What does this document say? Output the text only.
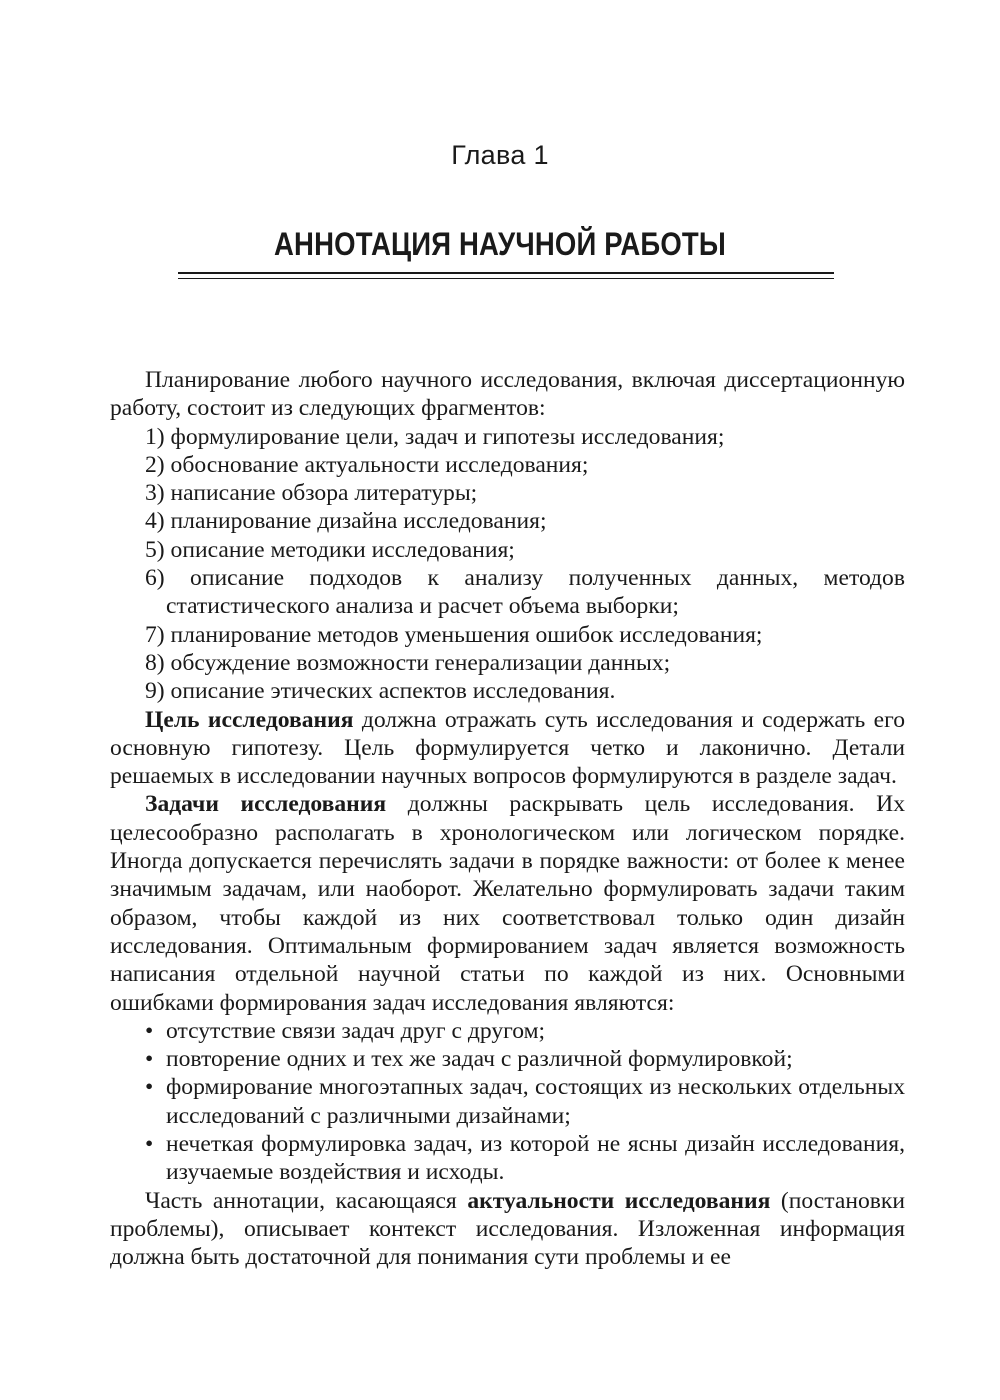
Глава 1
АННОТАЦИЯ НАУЧНОЙ РАБОТЫ

Планирование любого научного исследования, включая диссертационную работу, состоит из следующих фрагментов:

1) формулирование цели, задач и гипотезы исследования;

2) обоснование актуальности исследования;

3) написание обзора литературы;

4) планирование дизайна исследования;

5) описание методики исследования;

6) описание подходов к анализу полученных данных, методов статистического анализа и расчет объема выборки;

7) планирование методов уменьшения ошибок исследования;

8) обсуждение возможности генерализации данных;

9) описание этических аспектов исследования.

Цель исследования должна отражать суть исследования и содержать его основную гипотезу. Цель формулируется четко и лаконично. Детали решаемых в исследовании научных вопросов формулируются в разделе задач.

Задачи исследования должны раскрывать цель исследования. Их целесообразно располагать в хронологическом или логическом порядке. Иногда допускается перечислять задачи в порядке важности: от более к менее значимым задачам, или наоборот. Желательно формулировать задачи таким образом, чтобы каждой из них соответствовал только один дизайн исследования. Оптимальным формированием задач является возможность написания отдельной научной статьи по каждой из них. Основными ошибками формирования задач исследования являются:

• отсутствие связи задач друг с другом;

• повторение одних и тех же задач с различной формулировкой;

• формирование многоэтапных задач, состоящих из нескольких отдельных исследований с различными дизайнами;

• нечеткая формулировка задач, из которой не ясны дизайн исследования, изучаемые воздействия и исходы.

Часть аннотации, касающаяся актуальности исследования (постановки проблемы), описывает контекст исследования. Изложенная информация должна быть достаточной для понимания сути проблемы и ее
